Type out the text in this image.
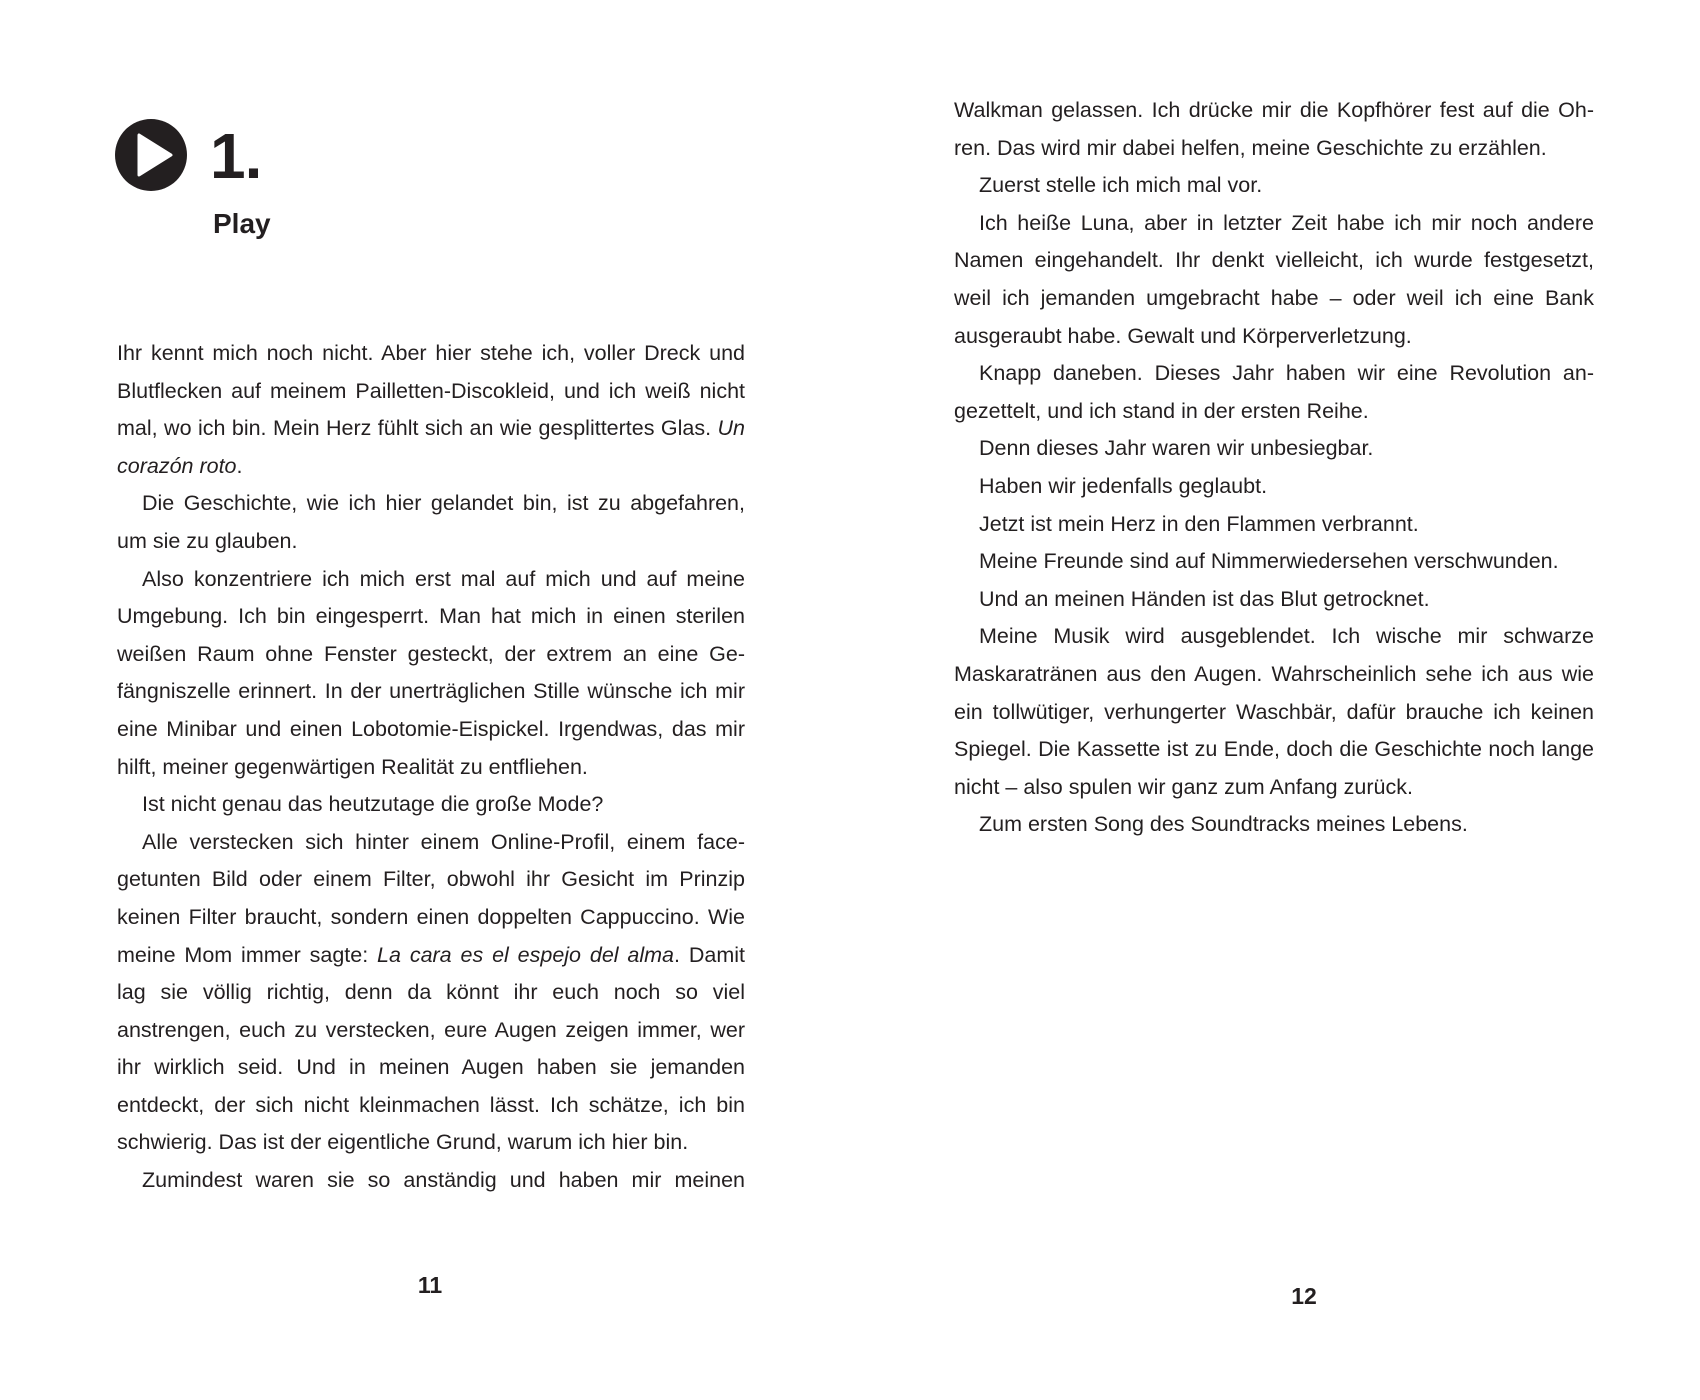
1.
Play

Ihr kennt mich noch nicht. Aber hier stehe ich, voller Dreck und Blutflecken auf meinem Pailletten-Discokleid, und ich weiß nicht mal, wo ich bin. Mein Herz fühlt sich an wie gesplittertes Glas. Un corazón roto.

Die Geschichte, wie ich hier gelandet bin, ist zu abgefahren, um sie zu glauben.

Also konzentriere ich mich erst mal auf mich und auf meine Umgebung. Ich bin eingesperrt. Man hat mich in einen sterilen weißen Raum ohne Fenster gesteckt, der extrem an eine Gefängniszelle erinnert. In der unerträglichen Stille wünsche ich mir eine Minibar und einen Lobotomie-Eispickel. Irgendwas, das mir hilft, meiner gegenwärtigen Realität zu entfliehen.

Ist nicht genau das heutzutage die große Mode?

Alle verstecken sich hinter einem Online-Profil, einem facegetunten Bild oder einem Filter, obwohl ihr Gesicht im Prinzip keinen Filter braucht, sondern einen doppelten Cappuccino. Wie meine Mom immer sagte: La cara es el espejo del alma. Damit lag sie völlig richtig, denn da könnt ihr euch noch so viel anstrengen, euch zu verstecken, eure Augen zeigen immer, wer ihr wirklich seid. Und in meinen Augen haben sie jemanden entdeckt, der sich nicht kleinmachen lässt. Ich schätze, ich bin schwierig. Das ist der eigentliche Grund, warum ich hier bin.

Zumindest waren sie so anständig und haben mir meinen

11

Walkman gelassen. Ich drücke mir die Kopfhörer fest auf die Ohren. Das wird mir dabei helfen, meine Geschichte zu erzählen.

Zuerst stelle ich mich mal vor.

Ich heiße Luna, aber in letzter Zeit habe ich mir noch andere Namen eingehandelt. Ihr denkt vielleicht, ich wurde festgesetzt, weil ich jemanden umgebracht habe – oder weil ich eine Bank ausgeraubt habe. Gewalt und Körperverletzung.

Knapp daneben. Dieses Jahr haben wir eine Revolution angezettelt, und ich stand in der ersten Reihe.

Denn dieses Jahr waren wir unbesiegbar.

Haben wir jedenfalls geglaubt.

Jetzt ist mein Herz in den Flammen verbrannt.

Meine Freunde sind auf Nimmerwiedersehen verschwunden.

Und an meinen Händen ist das Blut getrocknet.

Meine Musik wird ausgeblendet. Ich wische mir schwarze Maskaratränen aus den Augen. Wahrscheinlich sehe ich aus wie ein tollwütiger, verhungerter Waschbär, dafür brauche ich keinen Spiegel. Die Kassette ist zu Ende, doch die Geschichte noch lange nicht – also spulen wir ganz zum Anfang zurück.

Zum ersten Song des Soundtracks meines Lebens.

12
